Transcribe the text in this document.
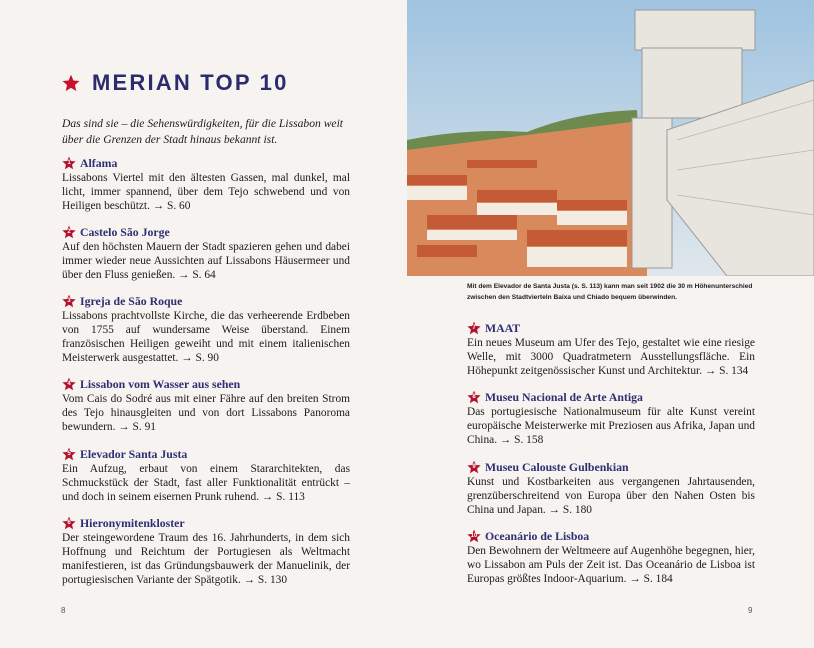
MERIAN TOP 10
Das sind sie – die Sehenswürdigkeiten, für die Lissabon weit über die Grenzen der Stadt hinaus bekannt ist.
1 Alfama

Lissabons Viertel mit den ältesten Gassen, mal dunkel, mal licht, immer spannend, über dem Tejo schwebend und von Heiligen beschützt. → S. 60

2 Castelo São Jorge

Auf den höchsten Mauern der Stadt spazieren gehen und dabei immer wieder neue Aussichten auf Lissabons Häusermeer und über den Fluss genießen. → S. 64

3 Igreja de São Roque

Lissabons prachtvollste Kirche, die das verheerende Erdbeben von 1755 auf wundersame Weise überstand. Einem französischen Heiligen geweiht und mit einem italienischen Meisterwerk ausgestattet. → S. 90

4 Lissabon vom Wasser aus sehen

Vom Cais do Sodré aus mit einer Fähre auf den breiten Strom des Tejo hinausgleiten und von dort Lissabons Panoroma bewundern. → S. 91

5 Elevador Santa Justa

Ein Aufzug, erbaut von einem Stararchitekten, das Schmuckstück der Stadt, fast aller Funktionalität entrückt – und doch in seinem eisernen Prunk ruhend. → S. 113

6 Hieronymitenkloster

Der steingewordene Traum des 16. Jahrhunderts, in dem sich Hoffnung und Reichtum der Portugiesen als Weltmacht manifestieren, ist das Gründungsbauwerk der Manuelinik, der portugiesischen Variante der Spätgotik. → S. 130

8
Mit dem Elevador de Santa Justa (s. S. 113) kann man seit 1902 die 30 m Höhenunterschied zwischen den Stadtvierteln Baixa und Chiado bequem überwinden.
7 MAAT

Ein neues Museum am Ufer des Tejo, gestaltet wie eine riesige Welle, mit 3000 Quadratmetern Ausstellungsfläche. Ein Höhepunkt zeitgenössischer Kunst und Architektur. → S. 134

8 Museu Nacional de Arte Antiga

Das portugiesische Nationalmuseum für alte Kunst vereint europäische Meisterwerke mit Preziosen aus Afrika, Japan und China. → S. 158

9 Museu Calouste Gulbenkian

Kunst und Kostbarkeiten aus vergangenen Jahrtausenden, grenzüberschreitend von Europa über den Nahen Osten bis China und Japan. → S. 180

10 Oceanário de Lisboa

Den Bewohnern der Weltmeere auf Augenhöhe begegnen, hier, wo Lissabon am Puls der Zeit ist. Das Oceanário de Lisboa ist Europas größtes Indoor-Aquarium. → S. 184

9
